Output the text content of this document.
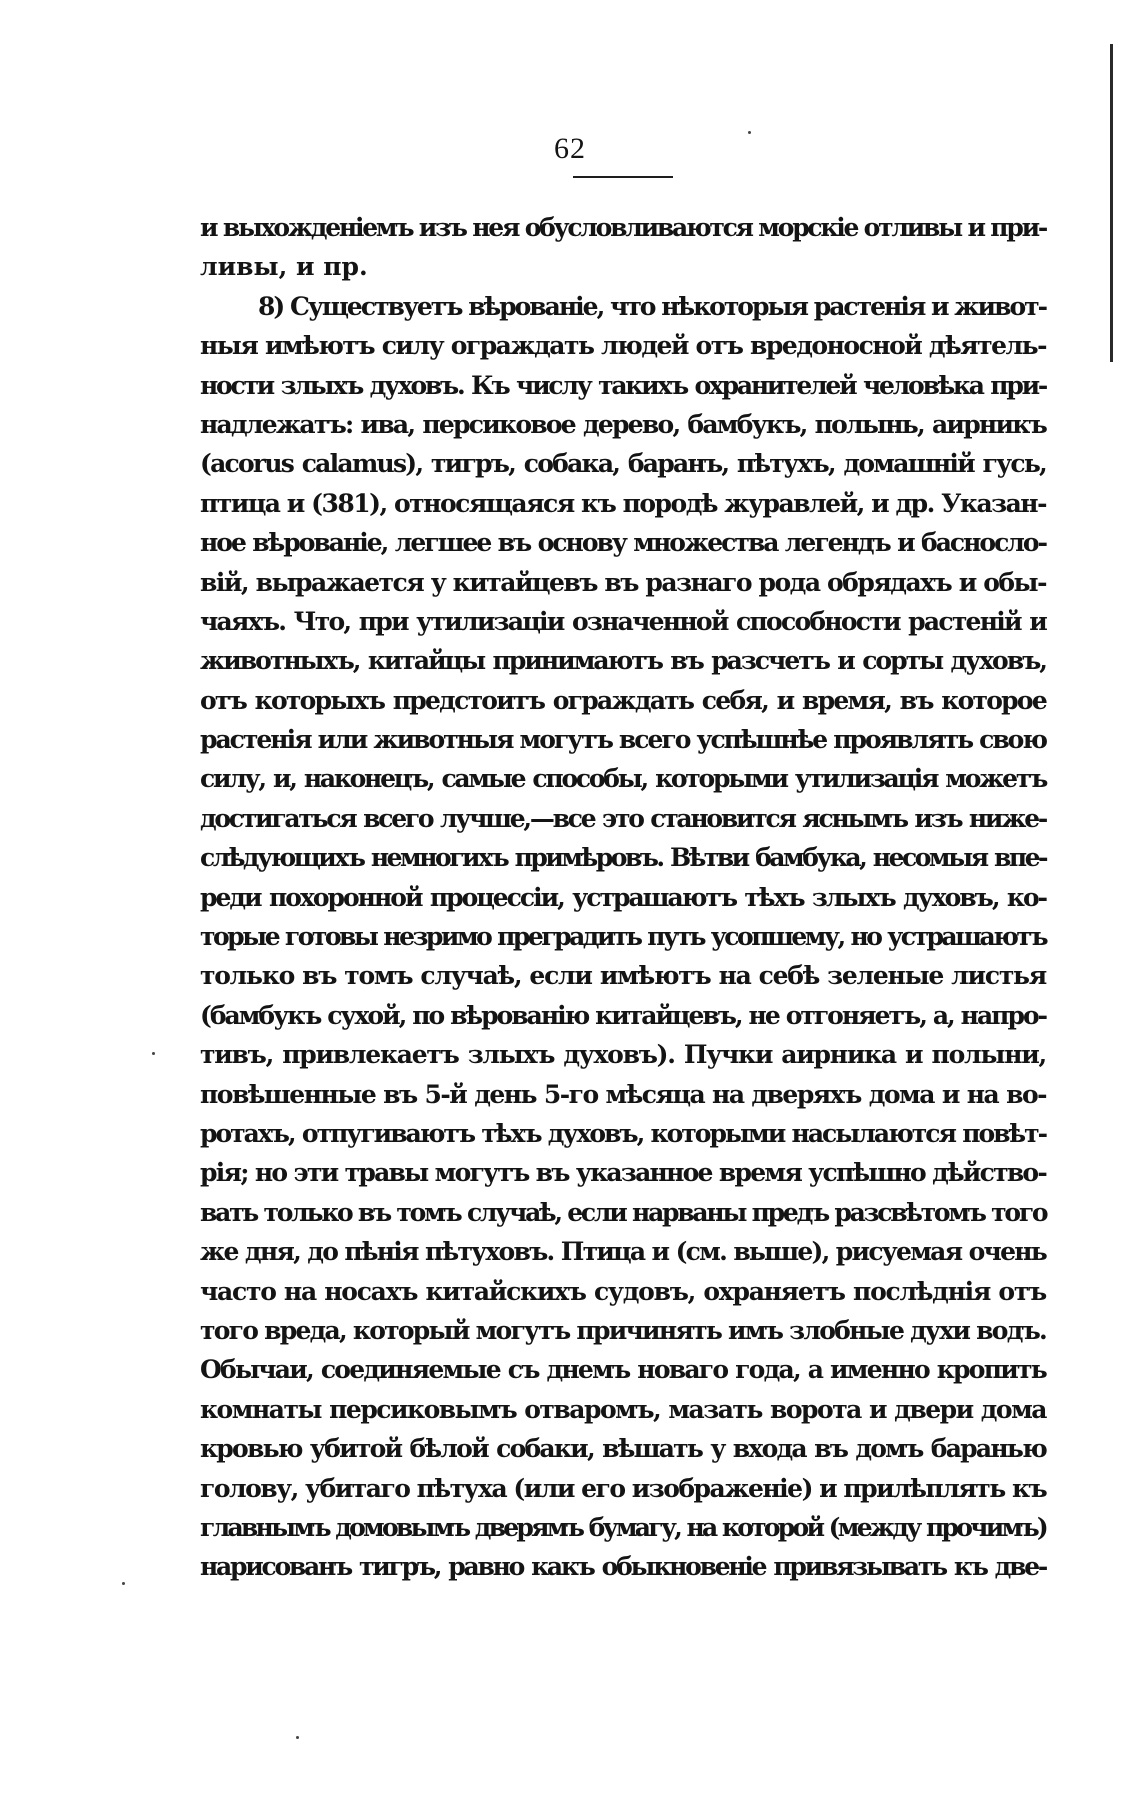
62
и выхожденіемъ изъ нея обусловливаются морскіе отливы и при-
ливы, и пр.
8) Существуетъ вѣрованіе, что нѣкоторыя растенія и живот-
ныя имѣютъ силу ограждать людей отъ вредоносной дѣятель-
ности злыхъ духовъ. Къ числу такихъ охранителей человѣка при-
надлежатъ: ива, персиковое дерево, бамбукъ, полынь, аирникъ
(acorus calamus), тигръ, собака, баранъ, пѣтухъ, домашній гусь,
птица и (381), относящаяся къ породѣ журавлей, и др. Указан-
ное вѣрованіе, легшее въ основу множества легендъ и басносло-
вій, выражается у китайцевъ въ разнаго рода обрядахъ и обы-
чаяхъ. Что, при утилизаціи означенной способности растеній и
животныхъ, китайцы принимаютъ въ разсчетъ и сорты духовъ,
отъ которыхъ предстоитъ ограждать себя, и время, въ которое
растенія или животныя могутъ всего успѣшнѣе проявлять свою
силу, и, наконецъ, самые способы, которыми утилизація можетъ
достигаться всего лучше,—все это становится яснымъ изъ ниже-
слѣдующихъ немногихъ примѣровъ. Вѣтви бамбука, несомыя впе-
реди похоронной процессіи, устрашаютъ тѣхъ злыхъ духовъ, ко-
торые готовы незримо преградить путь усопшему, но устрашаютъ
только въ томъ случаѣ, если имѣютъ на себѣ зеленые листья
(бамбукъ сухой, по вѣрованію китайцевъ, не отгоняетъ, а, напро-
тивъ, привлекаетъ злыхъ духовъ). Пучки аирника и полыни,
повѣшенные въ 5-й день 5-го мѣсяца на дверяхъ дома и на во-
ротахъ, отпугиваютъ тѣхъ духовъ, которыми насылаются повѣт-
рія; но эти травы могутъ въ указанное время успѣшно дѣйство-
вать только въ томъ случаѣ, если нарваны предъ разсвѣтомъ того
же дня, до пѣнія пѣтуховъ. Птица и (см. выше), рисуемая очень
часто на носахъ китайскихъ судовъ, охраняетъ послѣднія отъ
того вреда, который могутъ причинять имъ злобные духи водъ.
Обычаи, соединяемые съ днемъ новаго года, а именно кропить
комнаты персиковымъ отваромъ, мазать ворота и двери дома
кровью убитой бѣлой собаки, вѣшать у входа въ домъ баранью
голову, убитаго пѣтуха (или его изображеніе) и прилѣплять къ
главнымъ домовымъ дверямъ бумагу, на которой (между прочимъ)
нарисованъ тигръ, равно какъ обыкновеніе привязывать къ две-
